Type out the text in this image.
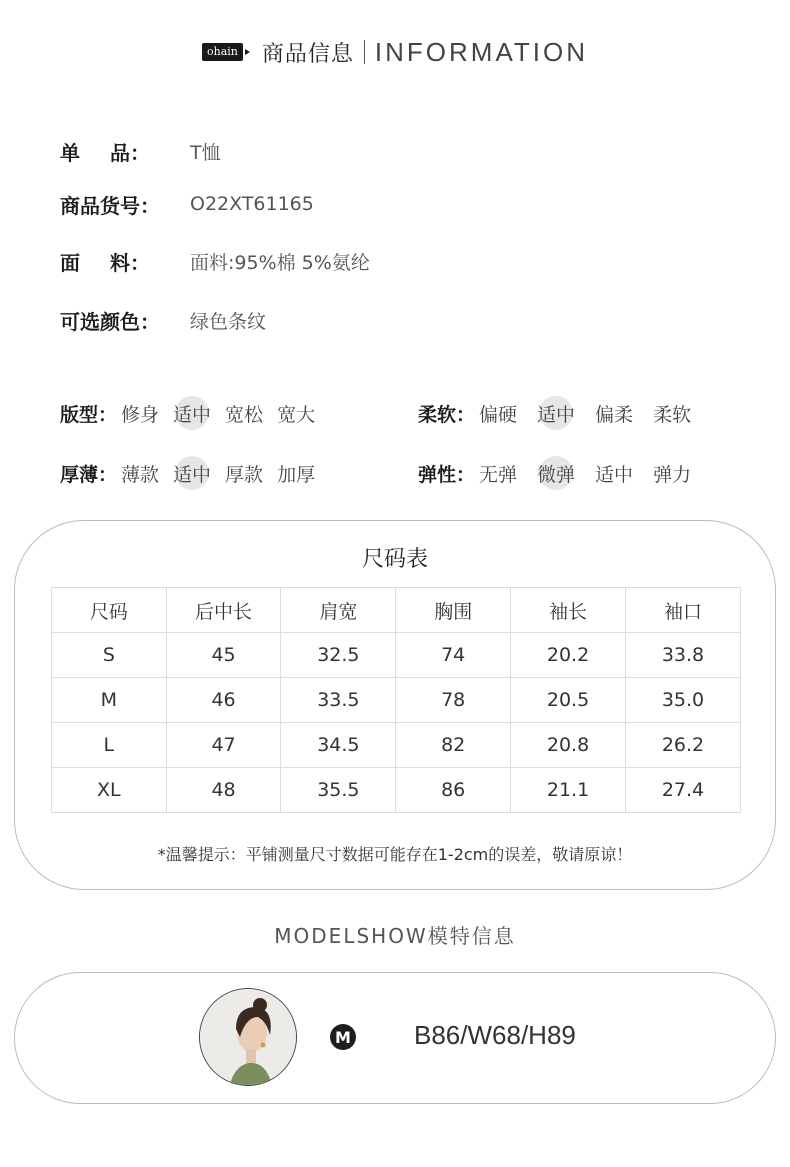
ohain 商品信息 INFORMATION
单 品： T恤
商品货号：	O22XT61165
面 料： 面料:95%棉 5%氨纶
可选颜色：	绿色条纹
版型： 修身 适中 宽松 宽大	柔软： 偏硬 适中 偏柔 柔软
厚薄： 薄款 适中 厚款 加厚	弹性： 无弹 微弹 适中 弹力
尺码表
尺码	后中长	肩宽	胸围	袖长	袖口
S	45	32.5	74	20.2	33.8
M	46	33.5	78	20.5	35.0
L	47	34.5	82	20.8	26.2
XL	48	35.5	86	21.1	27.4
*温馨提示：平铺测量尺寸数据可能存在1-2cm的误差，敬请原谅！
MODELSHOW模特信息
M B86/W68/H89
